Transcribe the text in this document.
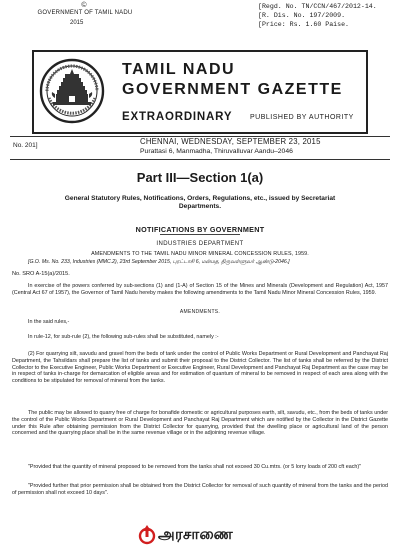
©
GOVERNMENT OF TAMIL NADU
2015
[Regd. No. TN/CCN/467/2012-14.
[R. Dis. No. 197/2009.
[Price: Rs. 1.60 Paise.
TAMIL NADU
GOVERNMENT GAZETTE
EXTRAORDINARY	PUBLISHED BY AUTHORITY
No. 201]	CHENNAI, WEDNESDAY, SEPTEMBER 23, 2015
Purattasi 6, Manmadha, Thiruvalluvar Aandu–2046
Part III—Section 1(a)
General Statutory Rules, Notifications, Orders, Regulations, etc., issued by Secretariat Departments.
NOTIFICATIONS BY GOVERNMENT
INDUSTRIES DEPARTMENT
AMENDMENTS TO THE TAMIL NADU MINOR MINERAL CONCESSION RULES, 1959.
[G.O. Ms. No. 233, Industries (MMC.2), 23rd September 2015, புரட்டாசி 6, மன்மத, திருவள்ளுவர் ஆண்டு-2046.]
No. SRO A-15(a)/2015.
In exercise of the powers conferred by sub-sections (1) and (1-A) of Section 15 of the Mines and Minerals (Development and Regulation) Act, 1957 (Central Act 67 of 1957), the Governor of Tamil Nadu hereby makes the following amendments to the Tamil Nadu Minor Mineral Concession Rules, 1959.
AMENDMENTS.
In the said rules,-
In rule-12, for sub-rule (2), the following sub-rules shall be substituted, namely :-
(2) For quarrying silt, savudu and gravel from the beds of tank under the control of Public Works Department or Rural Development and Panchayat Raj Department, the Tahsildars shall prepare the list of tanks and submit their proposal to the District Collector. The list of tanks shall be referred by the District Collector to the Executive Engineer, Public Works Department or Executive Engineer, Rural Development and Panchayat Raj Department as the case may be in respect of tanks in-charge for demarcation of eligible areas and for estimation of quantum of mineral to be removed in respect of each area along with the conditions to be stipulated for removal of mineral from the tanks.
The public may be allowed to quarry free of charge for bonafide domestic or agricultural purposes earth, silt, savudu, etc., from the beds of tanks under the control of the Public Works Department or Rural Development and Panchayat Raj Department which are notified by the Collector in the District Gazette under this Rule after obtaining permission from the District Collector for quarrying, provided that the dwelling place or agricultural land of the person concerned and the quarrying place shall be in the same revenue village or in the adjoining revenue village.
"Provided that the quantity of mineral proposed to be removed from the tanks shall not exceed 30 Cu.mtrs. (or 5 lorry loads of 200 cft each)"
"Provided further that prior permission shall be obtained from the District Collector for removal of such quantity of mineral from the tanks and the period of permission shall not exceed 10 days".
அரசாணை
